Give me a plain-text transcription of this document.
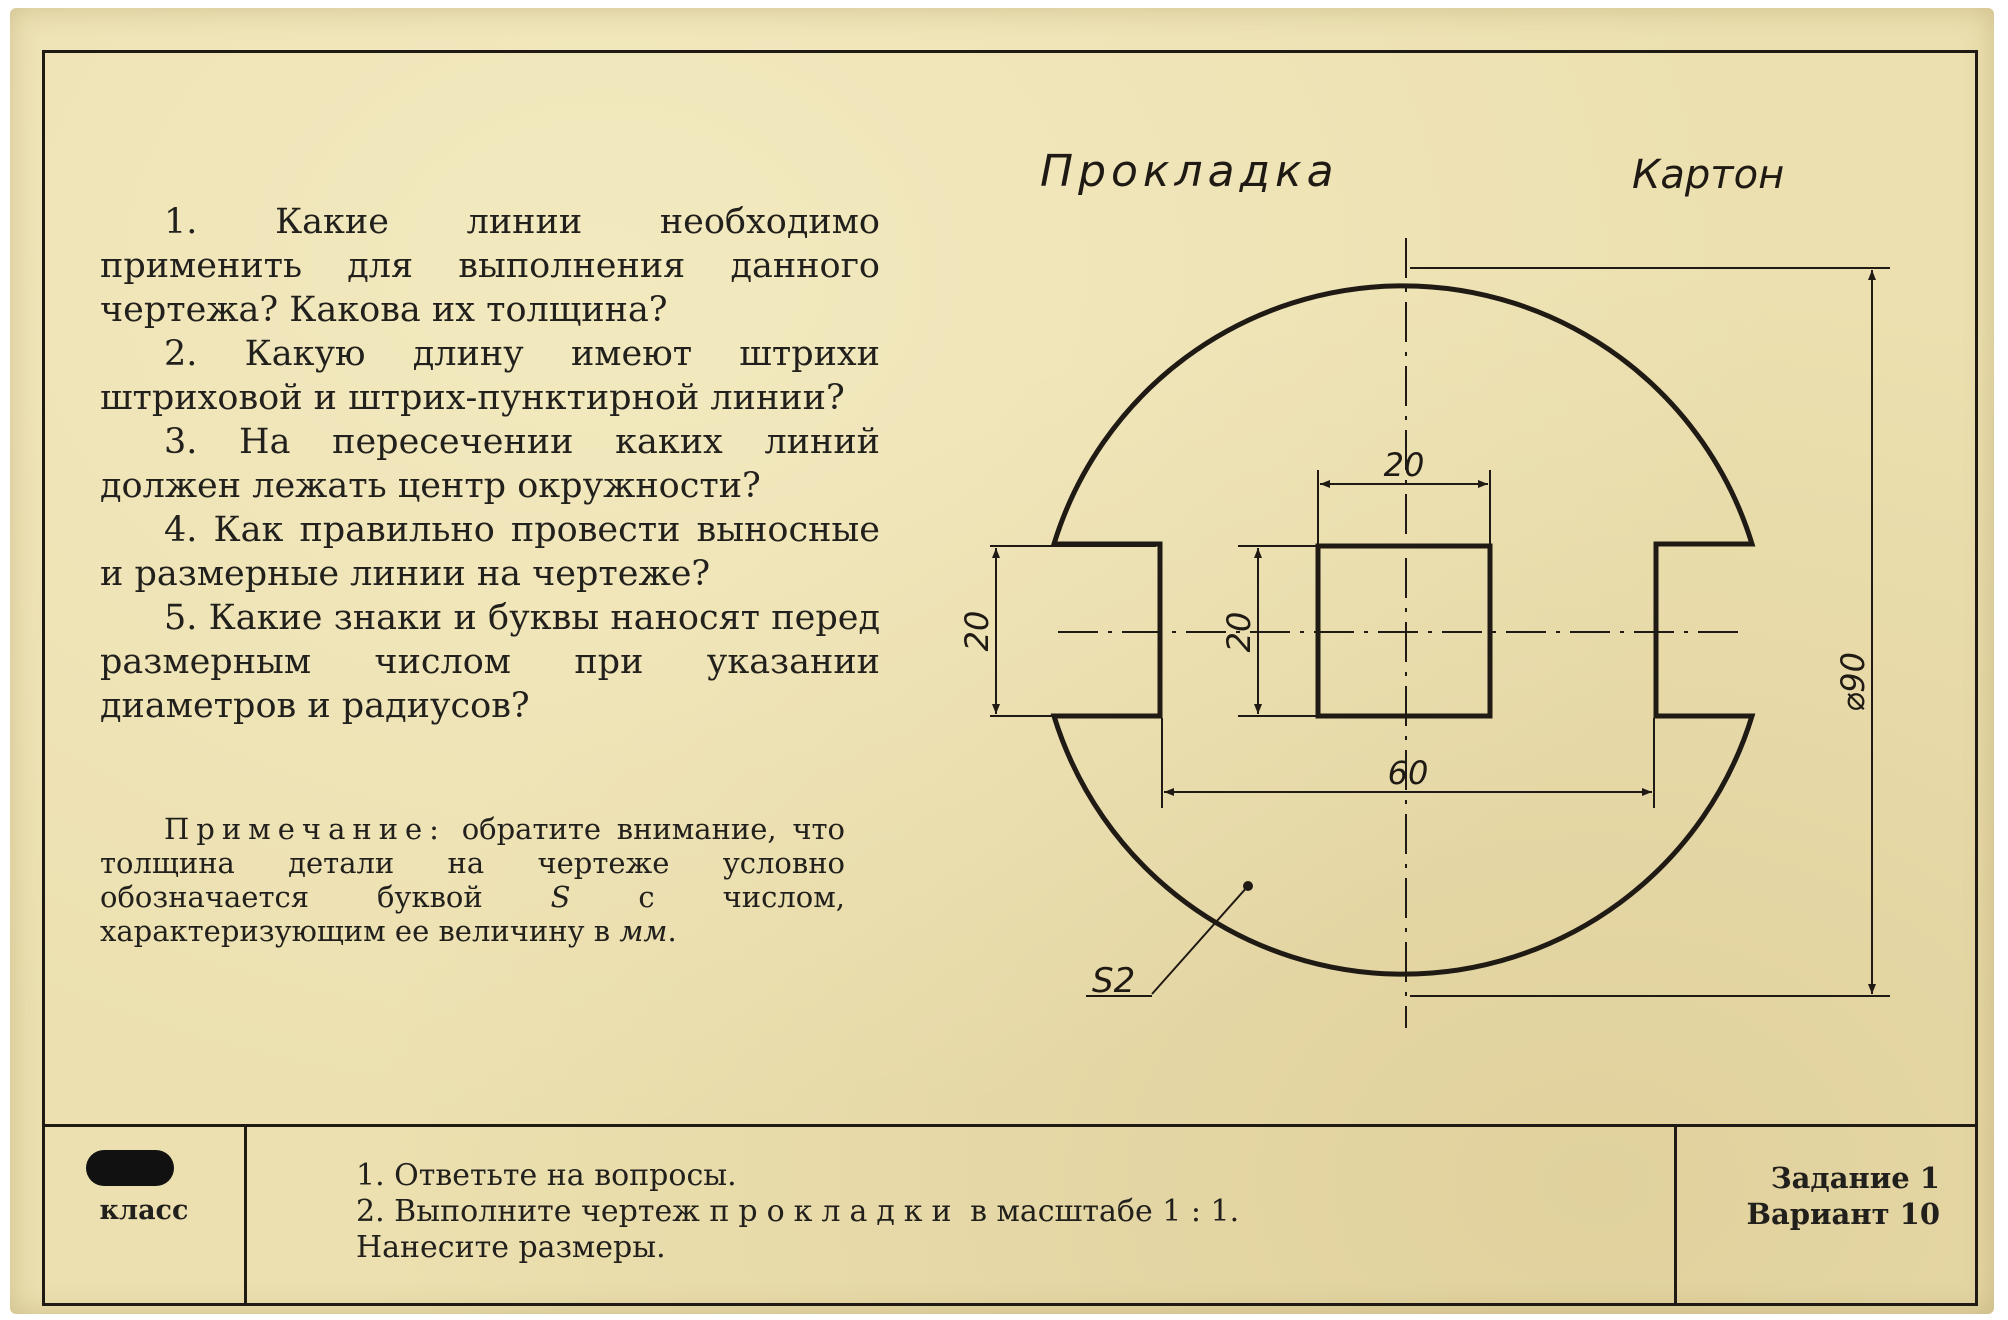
1. Какие линии необходимо применить для выполнения данного чертежа? Какова их толщина?

2. Какую длину имеют штрихи штриховой и штрих-пунктирной линии?

3. На пересечении каких линий должен лежать центр окружности?

4. Как правильно провести выносные и размерные линии на чертеже?

5. Какие знаки и буквы наносят перед размерным числом при указании диаметров и радиусов?

Примечание: обратите внимание, что толщина детали на чертеже условно обозначается буквой S с числом, характеризующим ее величину в мм.
Прокладка	Картон
20
20	20
60
⌀90
S2
класс
1. Ответьте на вопросы.
2. Выполните чертеж прокладки в масштабе 1 : 1.
Нанесите размеры.
Задание 1
Вариант 10
